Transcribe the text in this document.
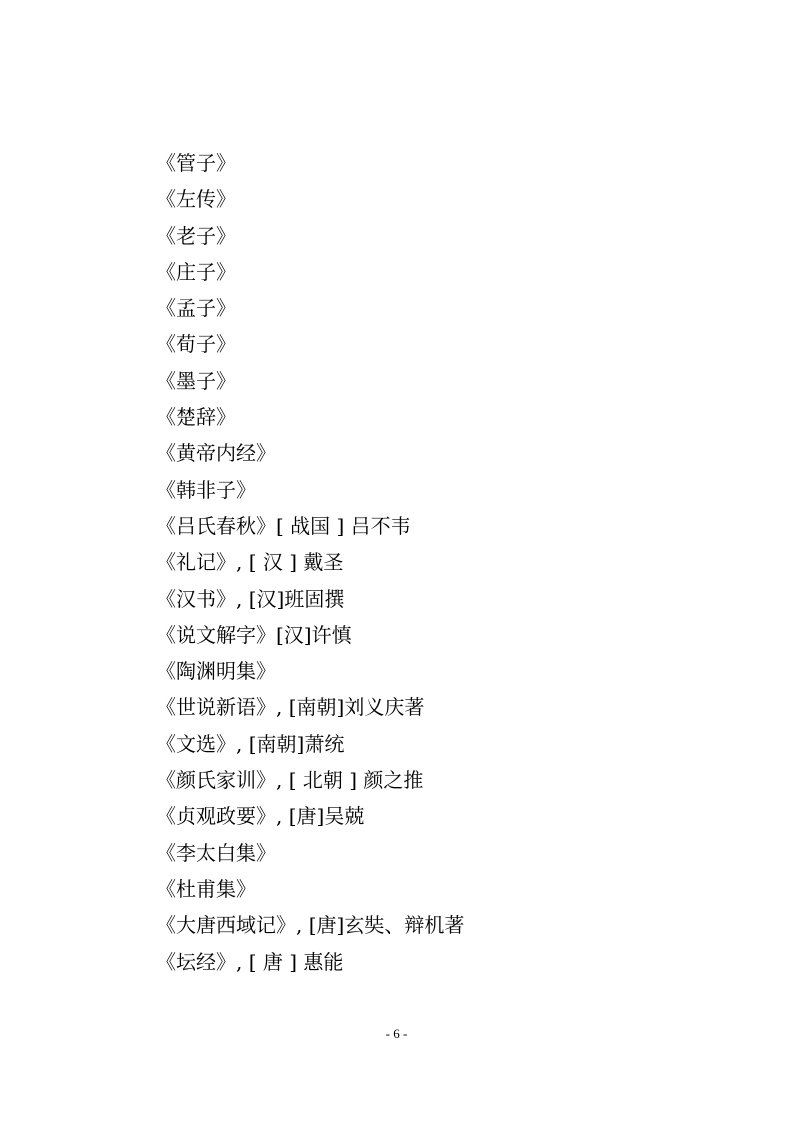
《管子》
《左传》
《老子》
《庄子》
《孟子》
《荀子》
《墨子》
《楚辞》
《黄帝内经》
《韩非子》
《吕氏春秋》[ 战国 ] 吕不韦
《礼记》, [ 汉 ] 戴圣
《汉书》, [汉]班固撰
《说文解字》[汉]许慎
《陶渊明集》
《世说新语》, [南朝]刘义庆著
《文选》, [南朝]萧统
《颜氏家训》, [ 北朝 ] 颜之推
《贞观政要》, [唐]吴兢
《李太白集》
《杜甫集》
《大唐西域记》, [唐]玄奘、辩机著
《坛经》, [ 唐 ] 惠能
- 6 -
